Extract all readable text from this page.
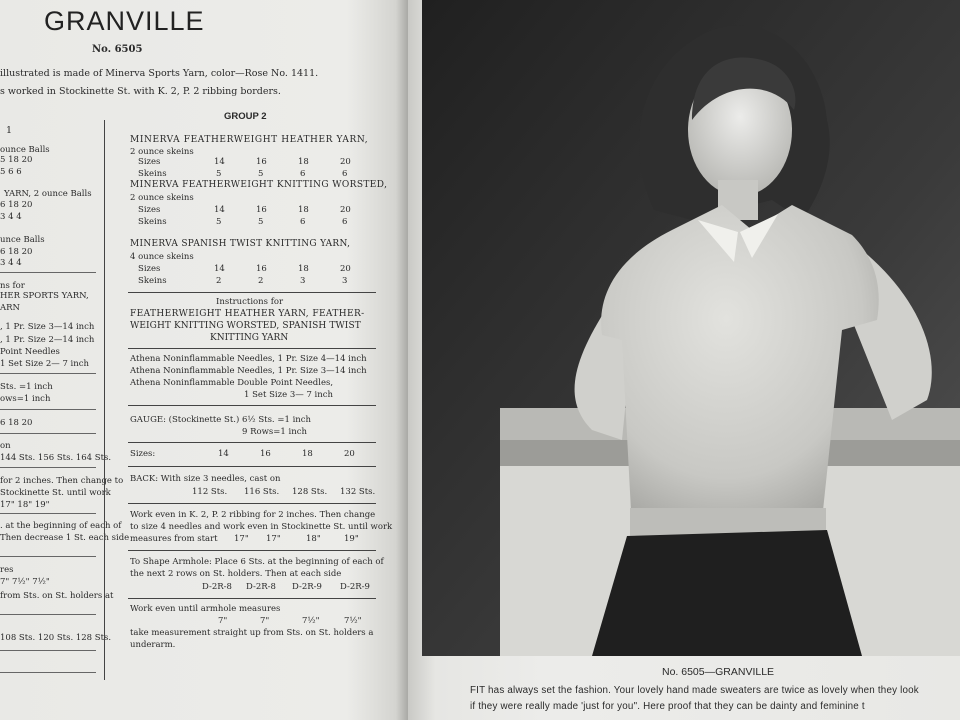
GRANVILLE
No. 6505
illustrated is made of Minerva Sports Yarn, color—Rose No. 1411.
s worked in Stockinette St. with K. 2, P. 2 ribbing borders.
1
ounce Balls
5 18 20
5 6 6
YARN, 2 ounce Balls
6 18 20
3 4 4
unce Balls
6 18 20
3 4 4
ns for
HER SPORTS YARN,
ARN
, 1 Pr. Size 3—14 inch
, 1 Pr. Size 2—14 inch
Point Needles
1 Set Size 2— 7 inch
Sts. =1 inch
ows=1 inch
6 18 20
on
144 Sts. 156 Sts. 164 Sts.
for 2 inches. Then change to
Stockinette St. until work
17" 18" 19"
. at the beginning of each of
Then decrease 1 St. each side
res
7" 7½" 7½"
from Sts. on St. holders at
108 Sts. 120 Sts. 128 Sts.
GROUP 2
MINERVA FEATHERWEIGHT HEATHER YARN,
2 ounce skeins
Sizes	14	16	18	20
Skeins	5	5	6	6
MINERVA FEATHERWEIGHT KNITTING WORSTED,
2 ounce skeins
Sizes	14	16	18	20
Skeins	5	5	6	6
MINERVA SPANISH TWIST KNITTING YARN,
4 ounce skeins
Sizes	14	16	18	20
Skeins	2	2	3	3
Instructions for
FEATHERWEIGHT HEATHER YARN, FEATHER-
WEIGHT KNITTING WORSTED, SPANISH TWIST
KNITTING YARN
Athena Noninflammable Needles, 1 Pr. Size 4—14 inch
Athena Noninflammable Needles, 1 Pr. Size 3—14 inch
Athena Noninflammable Double Point Needles,
1 Set Size 3— 7 inch
GAUGE: (Stockinette St.) 6½ Sts. =1 inch
9 Rows=1 inch
Sizes:	14	16	18	20
BACK: With size 3 needles, cast on
112 Sts. 116 Sts. 128 Sts. 132 Sts.
Work even in K. 2, P. 2 ribbing for 2 inches. Then change
to size 4 needles and work even in Stockinette St. until work
measures from start 17" 17"	18"	19"
To Shape Armhole: Place 6 Sts. at the beginning of each of
the next 2 rows on St. holders. Then at each side
D-2R-8 D-2R-8 D-2R-9 D-2R-9
Work even until armhole measures
7"	7"	7½"	7½"
take measurement straight up from Sts. on St. holders a
underarm.
No. 6505—GRANVILLE
FIT has always set the fashion. Your lovely hand made sweaters are twice as lovely when they look
if they were really made 'just for you". Here proof that they can be dainty and feminine t
